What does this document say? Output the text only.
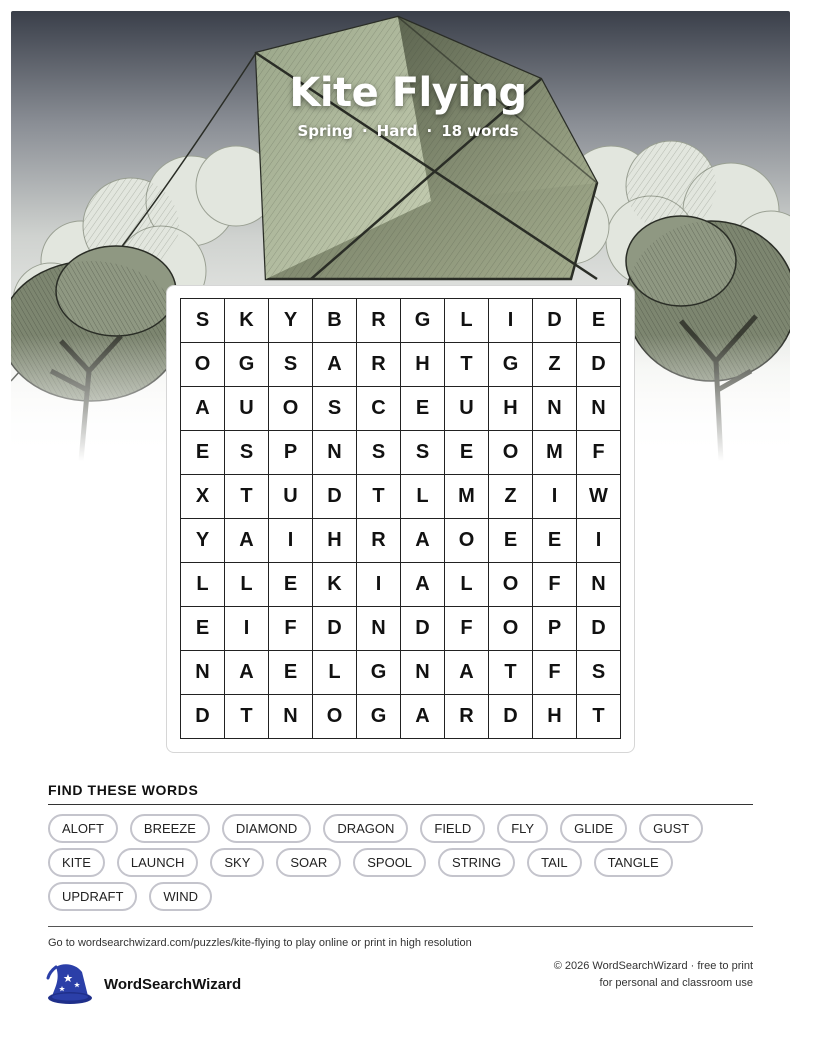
Kite Flying
Spring · Hard · 18 words
S	K	Y	B	R	G	L	I	D	E
O	G	S	A	R	H	T	G	Z	D
A	U	O	S	C	E	U	H	N	N
E	S	P	N	S	S	E	O	M	F
X	T	U	D	T	L	M	Z	I	W
Y	A	I	H	R	A	O	E	E	I
L	L	E	K	I	A	L	O	F	N
E	I	F	D	N	D	F	O	P	D
N	A	E	L	G	N	A	T	F	S
D	T	N	O	G	A	R	D	H	T
FIND THESE WORDS
ALOFT	BREEZE	DIAMOND	DRAGON	FIELD	FLY	GLIDE	GUST
KITE	LAUNCH	SKY	SOAR	SPOOL	STRING	TAIL	TANGLE
UPDRAFT	WIND
Go to wordsearchwizard.com/puzzles/kite-flying to play online or print in high resolution
WordSearchWizard
© 2026 WordSearchWizard · free to print for personal and classroom use
